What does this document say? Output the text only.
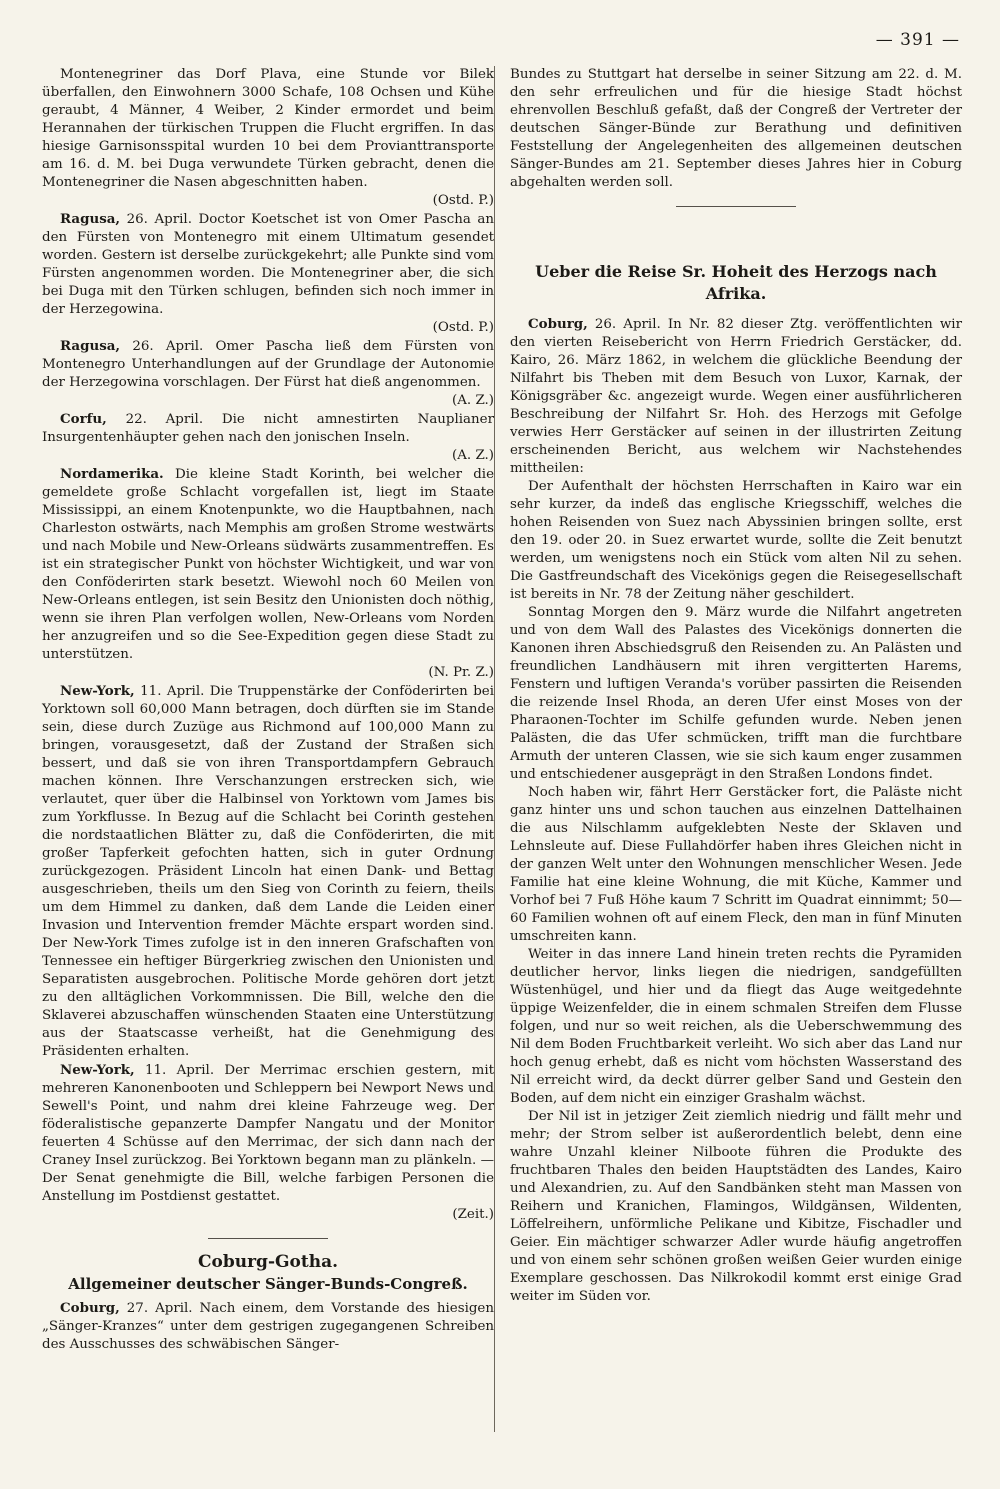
— 391 —

Montenegriner das Dorf Plava, eine Stunde vor Bilek überfallen, den Einwohnern 3000 Schafe, 108 Ochsen und Kühe geraubt, 4 Männer, 4 Weiber, 2 Kinder ermordet und beim Herannahen der türkischen Truppen die Flucht ergriffen. In das hiesige Garnisonsspital wurden 10 bei dem Provianttransporte am 16. d. M. bei Duga verwundete Türken gebracht, denen die Montenegriner die Nasen abgeschnitten haben.
(Ostd. P.)

Ragusa, 26. April. Doctor Koetschet ist von Omer Pascha an den Fürsten von Montenegro mit einem Ultimatum gesendet worden. Gestern ist derselbe zurückgekehrt; alle Punkte sind vom Fürsten angenommen worden. Die Montenegriner aber, die sich bei Duga mit den Türken schlugen, befinden sich noch immer in der Herzegowina.
(Ostd. P.)

Ragusa, 26. April. Omer Pascha ließ dem Fürsten von Montenegro Unterhandlungen auf der Grundlage der Autonomie der Herzegowina vorschlagen. Der Fürst hat dieß angenommen.
(A. Z.)

Corfu, 22. April. Die nicht amnestirten Nauplianer Insurgentenhäupter gehen nach den jonischen Inseln.
(A. Z.)

Nordamerika. Die kleine Stadt Korinth, bei welcher die gemeldete große Schlacht vorgefallen ist, liegt im Staate Mississippi, an einem Knotenpunkte, wo die Hauptbahnen, nach Charleston ostwärts, nach Memphis am großen Strome westwärts und nach Mobile und New-Orleans südwärts zusammentreffen. Es ist ein strategischer Punkt von höchster Wichtigkeit, und war von den Conföderirten stark besetzt. Wiewohl noch 60 Meilen von New-Orleans entlegen, ist sein Besitz den Unionisten doch nöthig, wenn sie ihren Plan verfolgen wollen, New-Orleans vom Norden her anzugreifen und so die See-Expedition gegen diese Stadt zu unterstützen.
(N. Pr. Z.)

New-York, 11. April. Die Truppenstärke der Conföderirten bei Yorktown soll 60,000 Mann betragen, doch dürften sie im Stande sein, diese durch Zuzüge aus Richmond auf 100,000 Mann zu bringen, vorausgesetzt, daß der Zustand der Straßen sich bessert, und daß sie von ihren Transportdampfern Gebrauch machen können. Ihre Verschanzungen erstrecken sich, wie verlautet, quer über die Halbinsel von Yorktown vom James bis zum Yorkflusse. In Bezug auf die Schlacht bei Corinth gestehen die nordstaatlichen Blätter zu, daß die Conföderirten, die mit großer Tapferkeit gefochten hatten, sich in guter Ordnung zurückgezogen. Präsident Lincoln hat einen Dank- und Bettag ausgeschrieben, theils um den Sieg von Corinth zu feiern, theils um dem Himmel zu danken, daß dem Lande die Leiden einer Invasion und Intervention fremder Mächte erspart worden sind. Der New-York Times zufolge ist in den inneren Grafschaften von Tennessee ein heftiger Bürgerkrieg zwischen den Unionisten und Separatisten ausgebrochen. Politische Morde gehören dort jetzt zu den alltäglichen Vorkommnissen. Die Bill, welche den die Sklaverei abzuschaffen wünschenden Staaten eine Unterstützung aus der Staatscasse verheißt, hat die Genehmigung des Präsidenten erhalten.

New-York, 11. April. Der Merrimac erschien gestern, mit mehreren Kanonenbooten und Schleppern bei Newport News und Sewell's Point, und nahm drei kleine Fahrzeuge weg. Der föderalistische gepanzerte Dampfer Nangatu und der Monitor feuerten 4 Schüsse auf den Merrimac, der sich dann nach der Craney Insel zurückzog. Bei Yorktown begann man zu plänkeln. — Der Senat genehmigte die Bill, welche farbigen Personen die Anstellung im Postdienst gestattet.
(Zeit.)

Coburg-Gotha.
Allgemeiner deutscher Sänger-Bunds-Congreß.

Coburg, 27. April. Nach einem, dem Vorstande des hiesigen „Sänger-Kranzes“ unter dem gestrigen zugegangenen Schreiben des Ausschusses des schwäbischen Sänger-

Bundes zu Stuttgart hat derselbe in seiner Sitzung am 22. d. M. den sehr erfreulichen und für die hiesige Stadt höchst ehrenvollen Beschluß gefaßt, daß der Congreß der Vertreter der deutschen Sänger-Bünde zur Berathung und definitiven Feststellung der Angelegenheiten des allgemeinen deutschen Sänger-Bundes am 21. September dieses Jahres hier in Coburg abgehalten werden soll.

Ueber die Reise Sr. Hoheit des Herzogs nach Afrika.

Coburg, 26. April. In Nr. 82 dieser Ztg. veröffentlichten wir den vierten Reisebericht von Herrn Friedrich Gerstäcker, dd. Kairo, 26. März 1862, in welchem die glückliche Beendung der Nilfahrt bis Theben mit dem Besuch von Luxor, Karnak, der Königsgräber &c. angezeigt wurde. Wegen einer ausführlicheren Beschreibung der Nilfahrt Sr. Hoh. des Herzogs mit Gefolge verwies Herr Gerstäcker auf seinen in der illustrirten Zeitung erscheinenden Bericht, aus welchem wir Nachstehendes mittheilen:

Der Aufenthalt der höchsten Herrschaften in Kairo war ein sehr kurzer, da indeß das englische Kriegsschiff, welches die hohen Reisenden von Suez nach Abyssinien bringen sollte, erst den 19. oder 20. in Suez erwartet wurde, sollte die Zeit benutzt werden, um wenigstens noch ein Stück vom alten Nil zu sehen. Die Gastfreundschaft des Vicekönigs gegen die Reisegesellschaft ist bereits in Nr. 78 der Zeitung näher geschildert.

Sonntag Morgen den 9. März wurde die Nilfahrt angetreten und von dem Wall des Palastes des Vicekönigs donnerten die Kanonen ihren Abschiedsgruß den Reisenden zu. An Palästen und freundlichen Landhäusern mit ihren vergitterten Harems, Fenstern und luftigen Veranda's vorüber passirten die Reisenden die reizende Insel Rhoda, an deren Ufer einst Moses von der Pharaonen-Tochter im Schilfe gefunden wurde. Neben jenen Palästen, die das Ufer schmücken, trifft man die furchtbare Armuth der unteren Classen, wie sie sich kaum enger zusammen und entschiedener ausgeprägt in den Straßen Londons findet.

Noch haben wir, fährt Herr Gerstäcker fort, die Paläste nicht ganz hinter uns und schon tauchen aus einzelnen Dattelhainen die aus Nilschlamm aufgeklebten Neste der Sklaven und Lehnsleute auf. Diese Fullahdörfer haben ihres Gleichen nicht in der ganzen Welt unter den Wohnungen menschlicher Wesen. Jede Familie hat eine kleine Wohnung, die mit Küche, Kammer und Vorhof bei 7 Fuß Höhe kaum 7 Schritt im Quadrat einnimmt; 50—60 Familien wohnen oft auf einem Fleck, den man in fünf Minuten umschreiten kann.

Weiter in das innere Land hinein treten rechts die Pyramiden deutlicher hervor, links liegen die niedrigen, sandgefüllten Wüstenhügel, und hier und da fliegt das Auge weitgedehnte üppige Weizenfelder, die in einem schmalen Streifen dem Flusse folgen, und nur so weit reichen, als die Ueberschwemmung des Nil dem Boden Fruchtbarkeit verleiht. Wo sich aber das Land nur hoch genug erhebt, daß es nicht vom höchsten Wasserstand des Nil erreicht wird, da deckt dürrer gelber Sand und Gestein den Boden, auf dem nicht ein einziger Grashalm wächst.

Der Nil ist in jetziger Zeit ziemlich niedrig und fällt mehr und mehr; der Strom selber ist außerordentlich belebt, denn eine wahre Unzahl kleiner Nilboote führen die Produkte des fruchtbaren Thales den beiden Hauptstädten des Landes, Kairo und Alexandrien, zu. Auf den Sandbänken steht man Massen von Reihern und Kranichen, Flamingos, Wildgänsen, Wildenten, Löffelreihern, unförmliche Pelikane und Kibitze, Fischadler und Geier. Ein mächtiger schwarzer Adler wurde häufig angetroffen und von einem sehr schönen großen weißen Geier wurden einige Exemplare geschossen. Das Nilkrokodil kommt erst einige Grad weiter im Süden vor.
